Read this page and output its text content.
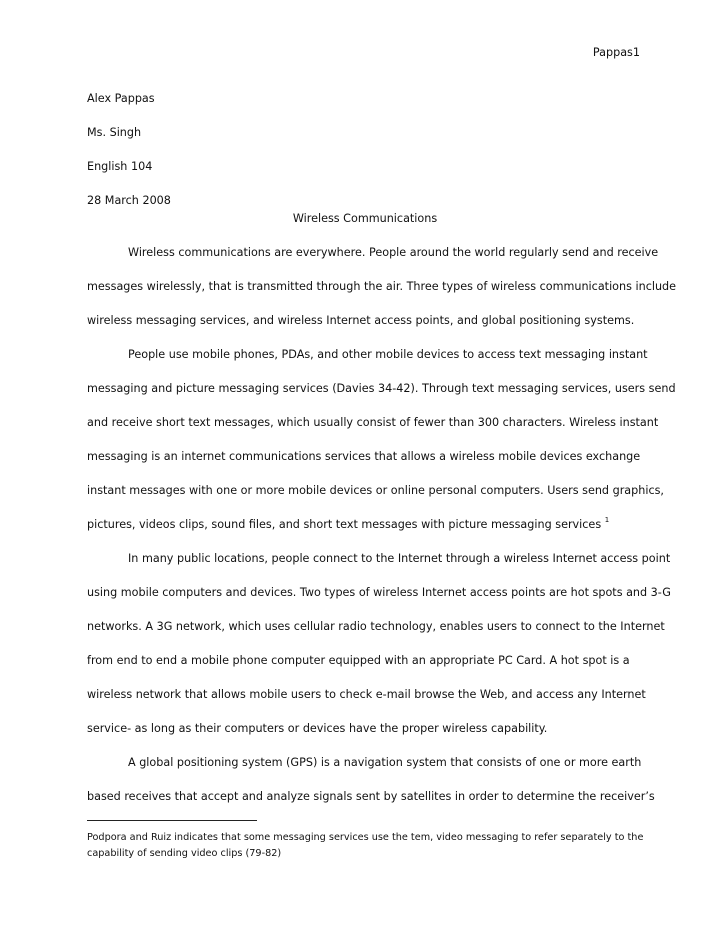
Pappas1
Alex Pappas
Ms. Singh
English 104
28 March 2008
Wireless Communications
Wireless communications are everywhere. People around the world regularly send and receive
messages wirelessly, that is transmitted through the air. Three types of wireless communications include
wireless messaging services, and wireless Internet access points, and global positioning systems.
People use mobile phones, PDAs, and other mobile devices to access text messaging instant
messaging and picture messaging services (Davies 34-42). Through text messaging services, users send
and receive short text messages, which usually consist of fewer than 300 characters. Wireless instant
messaging is an internet communications services that allows a wireless mobile devices exchange
instant messages with one or more mobile devices or online personal computers. Users send graphics,
pictures, videos clips, sound files, and short text messages with picture messaging services $^1$
In many public locations, people connect to the Internet through a wireless Internet access point
using mobile computers and devices. Two types of wireless Internet access points are hot spots and 3-G
networks. A 3G network, which uses cellular radio technology, enables users to connect to the Internet
from end to end a mobile phone computer equipped with an appropriate PC Card. A hot spot is a
wireless network that allows mobile users to check e-mail browse the Web, and access any Internet
service- as long as their computers or devices have the proper wireless capability.
A global positioning system (GPS) is a navigation system that consists of one or more earth
based receives that accept and analyze signals sent by satellites in order to determine the receiver’s
Podpora and Ruiz indicates that some messaging services use the tem, video messaging to refer separately to the
capability of sending video clips (79-82)
